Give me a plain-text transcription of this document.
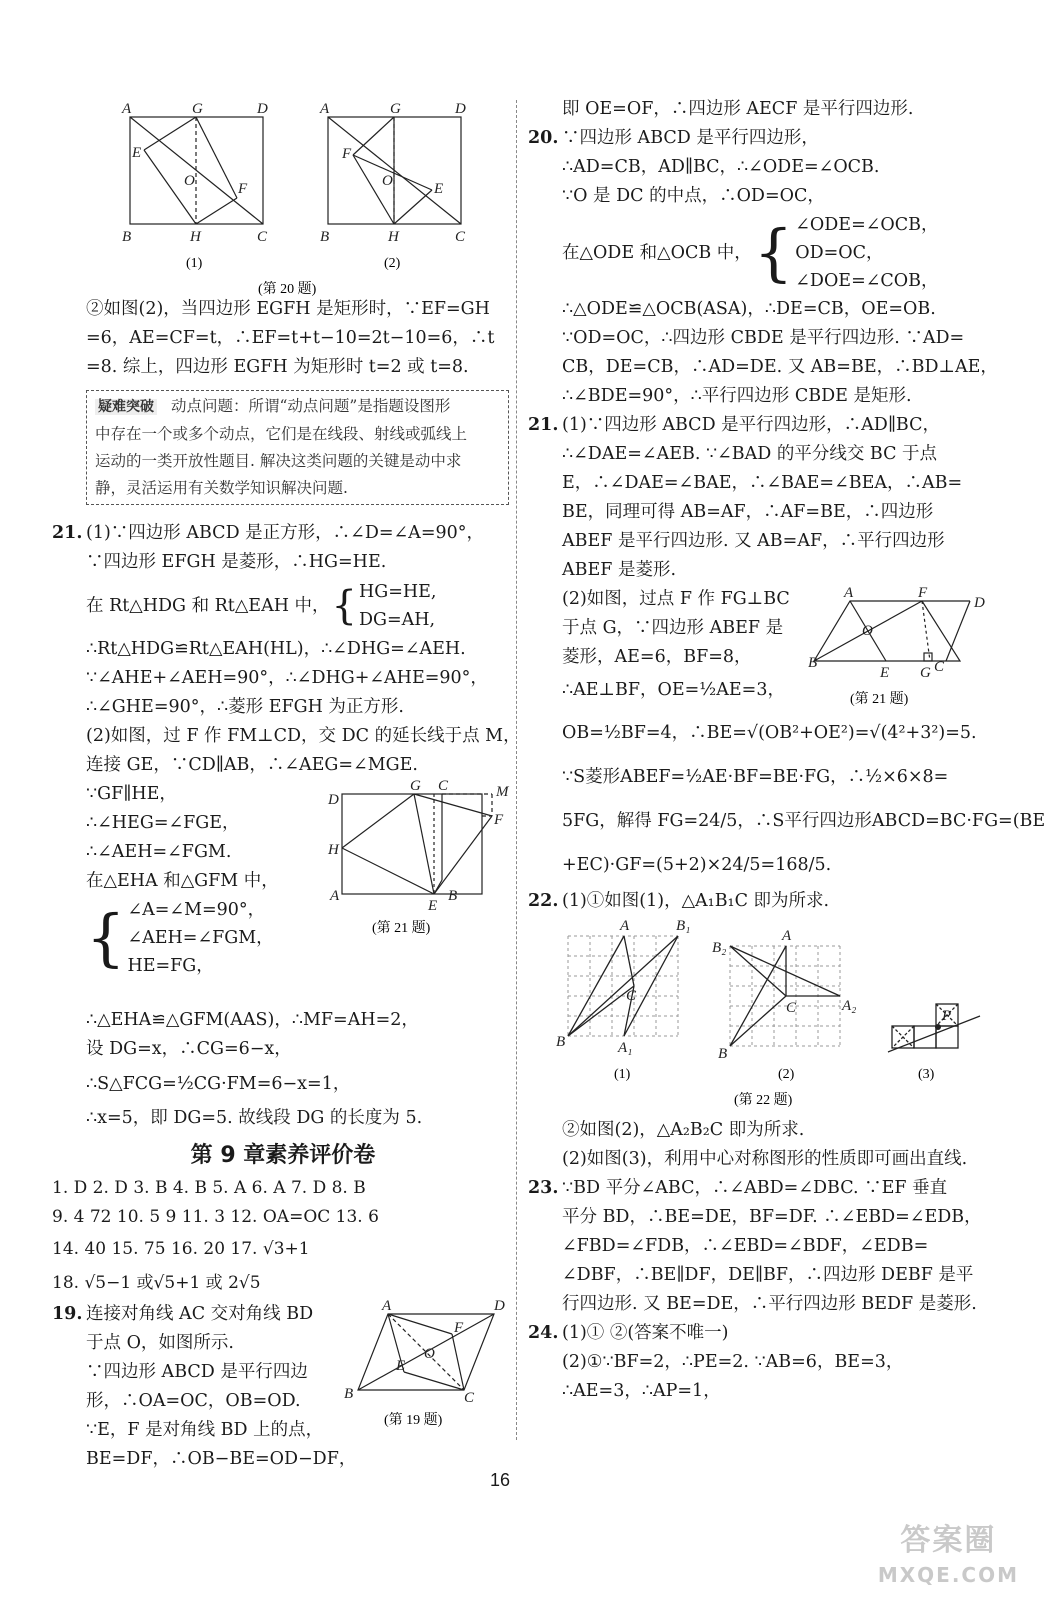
A	G	D
E
O	F
B	H	C
A	G	D
F
O	E
B	H	C
(1)	(2)
(第 20 题)
②如图(2)，当四边形 EGFH 是矩形时，∵EF=GH
=6，AE=CF=t，∴EF=t+t−10=2t−10=6，∴t
=8. 综上，四边形 EGFH 为矩形时 t=2 或 t=8.
疑难突破 动点问题：所谓“动点问题”是指题设图形
中存在一个或多个动点，它们是在线段、射线或弧线上
运动的一类开放性题目. 解决这类问题的关键是动中求
静，灵活运用有关数学知识解决问题.
21. (1)∵四边形 ABCD 是正方形，∴∠D=∠A=90°，
∵四边形 EFGH 是菱形，∴HG=HE.
在 Rt△HDG 和 Rt△EAH 中， { HG=HE,
DG=AH,
∴Rt△HDG≌Rt△EAH(HL)，∴∠DHG=∠AEH.
∵∠AHE+∠AEH=90°，∴∠DHG+∠AHE=90°，
∴∠GHE=90°，∴菱形 EFGH 为正方形.
(2)如图，过 F 作 FM⊥CD，交 DC 的延长线于点 M，
连接 GE，∵CD∥AB，∴∠AEG=∠MGE.
∵GF∥HE，
∴∠HEG=∠FGE，
∴∠AEH=∠FGM.
在△EHA 和△GFM 中，
{ ∠A=∠M=90°，
∠AEH=∠FGM，
HE=FG，
D
G C	M
F
H
A
E
B
(第 21 题)
∴△EHA≌△GFM(AAS)，∴MF=AH=2，
设 DG=x，∴CG=6−x，
∴S△FCG=½CG·FM=6−x=1，
∴x=5，即 DG=5. 故线段 DG 的长度为 5.
第 9 章素养评价卷
1. D 2. D 3. B 4. B 5. A 6. A 7. D 8. B
9. 4 72 10. 5 9 11. 3 12. OA=OC 13. 6
14. 40 15. 75 16. 20 17. √3+1
18. √5−1 或√5+1 或 2√5
19. 连接对角线 AC 交对角线 BD
于点 O，如图所示.
∵四边形 ABCD 是平行四边
形，∴OA=OC，OB=OD.
∵E，F 是对角线 BD 上的点，
BE=DF，∴OB−BE=OD−DF，
A	D
F
O
E
B	C
(第 19 题)
即 OE=OF，∴四边形 AECF 是平行四边形.
20. ∵四边形 ABCD 是平行四边形，
∴AD=CB，AD∥BC，∴∠ODE=∠OCB.
∵O 是 DC 的中点，∴OD=OC，
在△ODE 和△OCB 中， { ∠ODE=∠OCB，
OD=OC，
∠DOE=∠COB，
∴△ODE≌△OCB(ASA)，∴DE=CB，OE=OB.
∵OD=OC，∴四边形 CBDE 是平行四边形. ∵AD=
CB，DE=CB，∴AD=DE. 又 AB=BE，∴BD⊥AE，
∴∠BDE=90°，∴平行四边形 CBDE 是矩形.
21. (1)∵四边形 ABCD 是平行四边形，∴AD∥BC，
∴∠DAE=∠AEB. ∵∠BAD 的平分线交 BC 于点
E，∴∠DAE=∠BAE，∴∠BAE=∠BEA，∴AB=
BE，同理可得 AB=AF，∴AF=BE，∴四边形
ABEF 是平行四边形. 又 AB=AF，∴平行四边形
ABEF 是菱形.
(2)如图，过点 F 作 FG⊥BC
于点 G，∵四边形 ABEF 是
菱形，AE=6，BF=8，
∴AE⊥BF，OE=½AE=3，
A	F
D
O
E G C
B
(第 21 题)
OB=½BF=4，∴BE=√(OB²+OE²)=√(4²+3²)=5.
∵S菱形ABEF=½AE·BF=BE·FG，∴½×6×8=
5FG，解得 FG=24/5，∴S平行四边形ABCD=BC·FG=(BE
+EC)·GF=(5+2)×24/5=168/5.
22. (1)①如图(1)，△A₁B₁C 即为所求.
A	B₁
C
B	A₁
B₂
A
C	A₂
B
P
(1)	(2)	(3)
(第 22 题)
②如图(2)，△A₂B₂C 即为所求.
(2)如图(3)，利用中心对称图形的性质即可画出直线.
23. ∵BD 平分∠ABC，∴∠ABD=∠DBC. ∵EF 垂直
平分 BD，∴BE=DE，BF=DF. ∴∠EBD=∠EDB，
∠FBD=∠FDB，∴∠EBD=∠BDF，∠EDB=
∠DBF，∴BE∥DF，DE∥BF，∴四边形 DEBF 是平
行四边形. 又 BE=DE，∴平行四边形 BEDF 是菱形.
24. (1)① ②(答案不唯一)
(2)①∵BF=2，∴PE=2. ∵AB=6，BE=3，
∴AE=3，∴AP=1，
16
答案圈
MXQE.COM
